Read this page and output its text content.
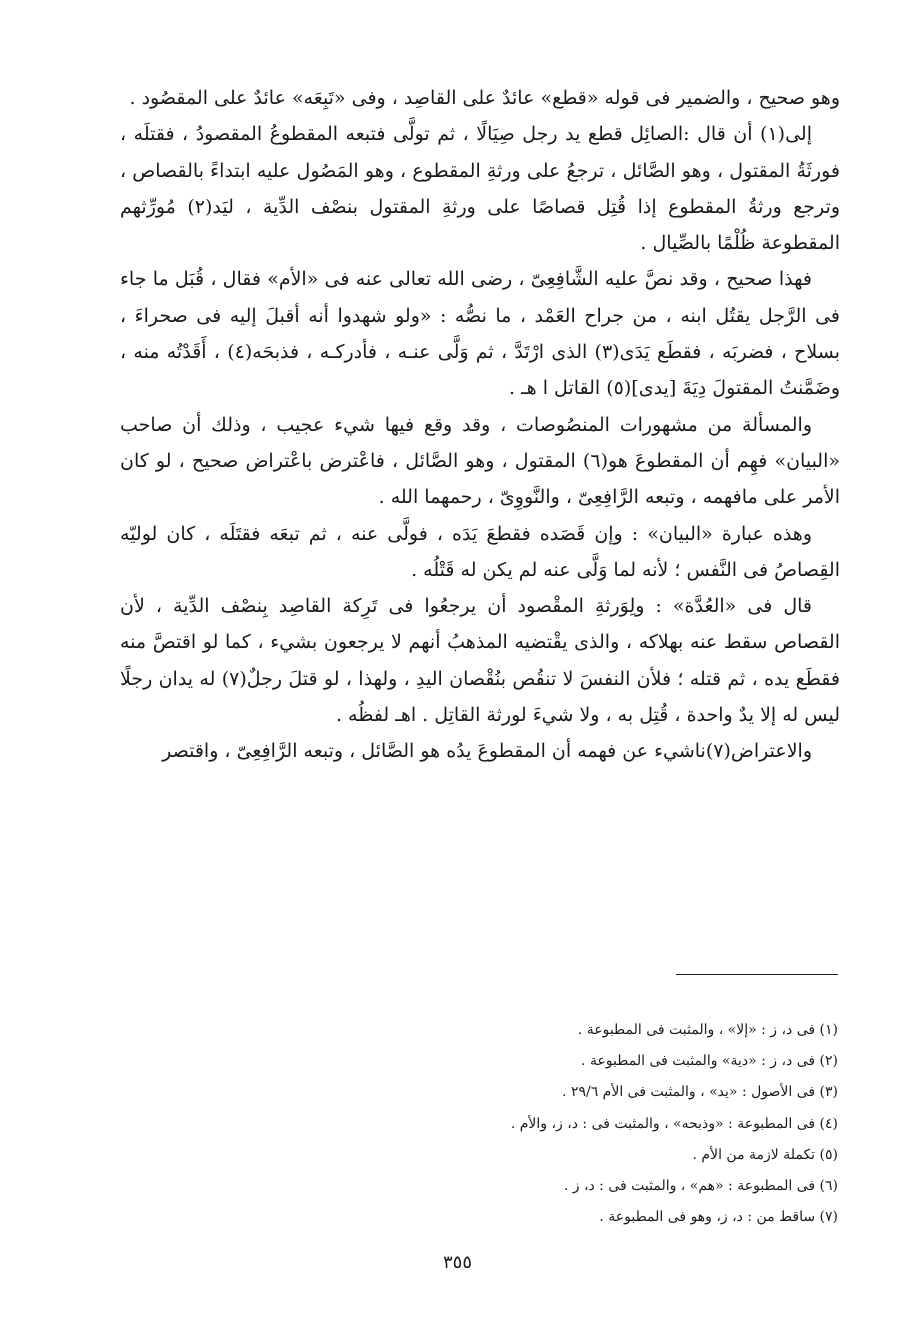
وهو صحيح ، والضمير فى قوله «قطع» عائدٌ على القاصِد ، وفى «تَبِعَه» عائدٌ على المقصُود .

إلى(١) أن قال :الصائِل قطع يد رجل صِيَالًا ، ثم تولَّى فتبعه المقطوعُ المقصودُ ، فقتلَه ، فورثَةُ المقتول ، وهو الصَّائل ، ترجعُ على ورثةِ المقطوع ، وهو المَصُول عليه ابتداءً بالقصاص ، وترجع ورثةُ المقطوع إذا قُتِل قصاصًا على ورثةِ المقتول بنصْف الدِّية ، ليَد(٢) مُورِّثهم المقطوعة ظُلْمًا بالصِّيال .

فهذا صحيح ، وقد نصَّ عليه الشَّافِعِىّ ، رضى الله تعالى عنه فى «الأم» فقال ، قُبَل ما جاء فى الرَّجل يقتُل ابنه ، من جراح العَمْد ، ما نصُّه : «ولو شهدوا أنه أقبلَ إليه فى صحراءَ ، بسلاح ، فضربَه ، فقطَع يَدَى(٣) الذى ارْتَدَّ ، ثم وَلَّى عنـه ، فأدركـه ، فذبحَه(٤) ، أَقَدْتُه منه ، وضَمَّنتُ المقتولَ دِيَةَ [يدى](٥) القاتل ا هـ .

والمسألة من مشهورات المنصُوصات ، وقد وقع فيها شيء عجيب ، وذلك أن صاحب «البيان» فهِم أن المقطوعَ هو(٦) المقتول ، وهو الصَّائل ، فاعْترض باعْتراض صحيح ، لو كان الأمر على مافهمه ، وتبعه الرَّافِعِىّ ، والنَّووِىّ ، رحمهما الله .

وهذه عبارة «البيان» : وإن قَصَده فقطعَ يَدَه ، فولَّى عنه ، ثم تبعَه فقتَلَه ، كان لوليّه القِصاصُ فى النَّفس ؛ لأنه لما وَلَّى عنه لم يكن له قَتْلُه .

قال فى «العُدَّة» : ولِوَرثةِ المقْصود أن يرجعُوا فى تَرِكة القاصِد بِنصْف الدِّية ، لأن القصاص سقط عنه بهلاكه ، والذى يقْتضيه المذهبُ أنهم لا يرجعون بشيء ، كما لو اقتصَّ منه فقطَع يده ، ثم قتله ؛ فلأن النفسَ لا تنقُص بنُقْصان اليدِ ، ولهذا ، لو قتلَ رجلٌ(٧) له يدان رجلًا ليس له إلا يدٌ واحدة ، قُتِل به ، ولا شيءَ لورثة القاتِل . اهـ لفظُه .

والاعتراض(٧)ناشيء عن فهمه أن المقطوعَ يدُه هو الصَّائل ، وتبعه الرَّافِعِىّ ، واقتصر

(١) فى د، ز : «إلا» ، والمثبت فى المطبوعة .
(٢) فى د، ز : «دية» والمثبت فى المطبوعة .
(٣) فى الأصول : «يد» ، والمثبت فى الأم ٢٩/٦ .
(٤) فى المطبوعة : «وذبحه» ، والمثبت فى : د، ز، والأم .
(٥) تكملة لازمة من الأم .
(٦) فى المطبوعة : «هم» ، والمثبت فى : د، ز .
(٧) ساقط من : د، ز، وهو فى المطبوعة .
٣٥٥
